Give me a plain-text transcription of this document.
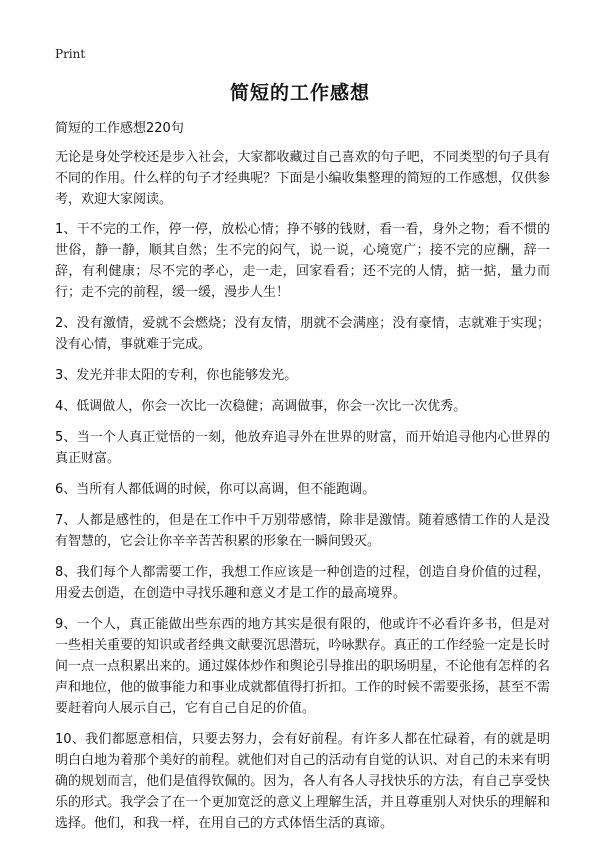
Print
简短的工作感想
简短的工作感想220句

无论是身处学校还是步入社会，大家都收藏过自己喜欢的句子吧，不同类型的句子具有不同的作用。什么样的句子才经典呢？下面是小编收集整理的简短的工作感想，仅供参考，欢迎大家阅读。

1、干不完的工作，停一停，放松心情；挣不够的钱财，看一看，身外之物；看不惯的世俗，静一静，顺其自然；生不完的闷气，说一说，心境宽广；接不完的应酬，辞一辞，有利健康；尽不完的孝心，走一走，回家看看；还不完的人情，掂一掂，量力而行；走不完的前程，缓一缓，漫步人生！

2、没有激情，爱就不会燃烧；没有友情，朋就不会满座；没有豪情，志就难于实现；没有心情，事就难于完成。

3、发光并非太阳的专利，你也能够发光。

4、低调做人，你会一次比一次稳健；高调做事，你会一次比一次优秀。

5、当一个人真正觉悟的一刻，他放弃追寻外在世界的财富，而开始追寻他内心世界的真正财富。

6、当所有人都低调的时候，你可以高调，但不能跑调。

7、人都是感性的，但是在工作中千万别带感情，除非是激情。随着感情工作的人是没有智慧的，它会让你辛辛苦苦积累的形象在一瞬间毁灭。

8、我们每个人都需要工作，我想工作应该是一种创造的过程，创造自身价值的过程，用爱去创造，在创造中寻找乐趣和意义才是工作的最高境界。

9、一个人，真正能做出些东西的地方其实是很有限的，他或许不必看许多书，但是对一些相关重要的知识或者经典文献要沉思潜玩，吟咏默存。真正的工作经验一定是长时间一点一点积累出来的。通过媒体炒作和舆论引导推出的职场明星，不论他有怎样的名声和地位，他的做事能力和事业成就都值得打折扣。工作的时候不需要张扬，甚至不需要赶着向人展示自己，它有自己自足的价值。

10、我们都愿意相信，只要去努力，会有好前程。有许多人都在忙碌着，有的就是明明白白地为着那个美好的前程。就他们对自己的活动有自觉的认识、对自己的未来有明确的规划而言，他们是值得钦佩的。因为，各人有各人寻找快乐的方法，有自己享受快乐的形式。我学会了在一个更加宽泛的意义上理解生活，并且尊重别人对快乐的理解和选择。他们，和我一样，在用自己的方式体悟生活的真谛。
